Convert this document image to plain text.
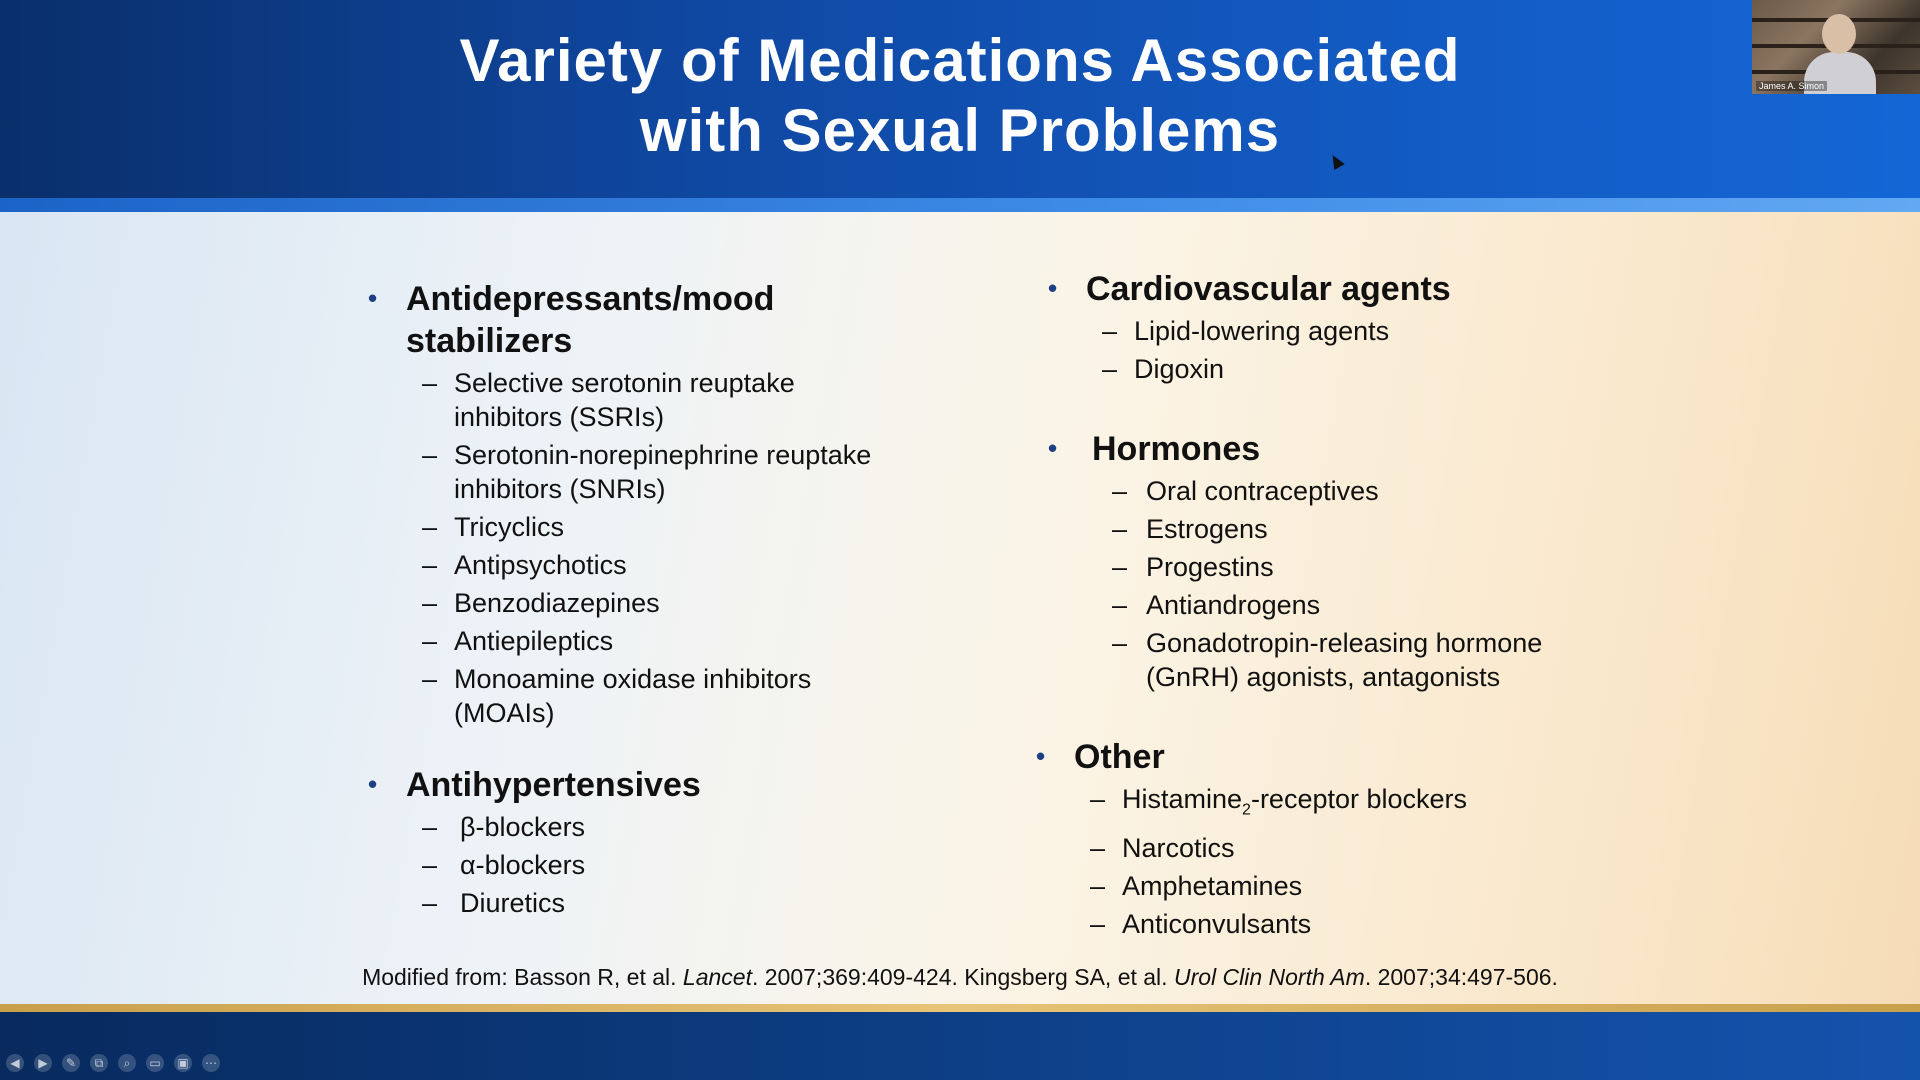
Variety of Medications Associated
with Sexual Problems
James A. Simon
• Antidepressants/mood
stabilizers
– Selective serotonin reuptake
inhibitors (SSRIs)
– Serotonin-norepinephrine reuptake
inhibitors (SNRIs)
– Tricyclics
– Antipsychotics
– Benzodiazepines
– Antiepileptics
– Monoamine oxidase inhibitors
(MOAIs)
• Antihypertensives
– β-blockers
– α-blockers
– Diuretics
• Cardiovascular agents
– Lipid-lowering agents
– Digoxin
• Hormones
– Oral contraceptives
– Estrogens
– Progestins
– Antiandrogens
– Gonadotropin-releasing hormone
(GnRH) agonists, antagonists
• Other
– Histamine$_2$-receptor blockers
– Narcotics
– Amphetamines
– Anticonvulsants
Modified from: Basson R, et al. Lancet. 2007;369:409-424. Kingsberg SA, et al. Urol Clin North Am. 2007;34:497-506.
◀	▶	✎	⧉	⌕	▭ ▣ ⋯
